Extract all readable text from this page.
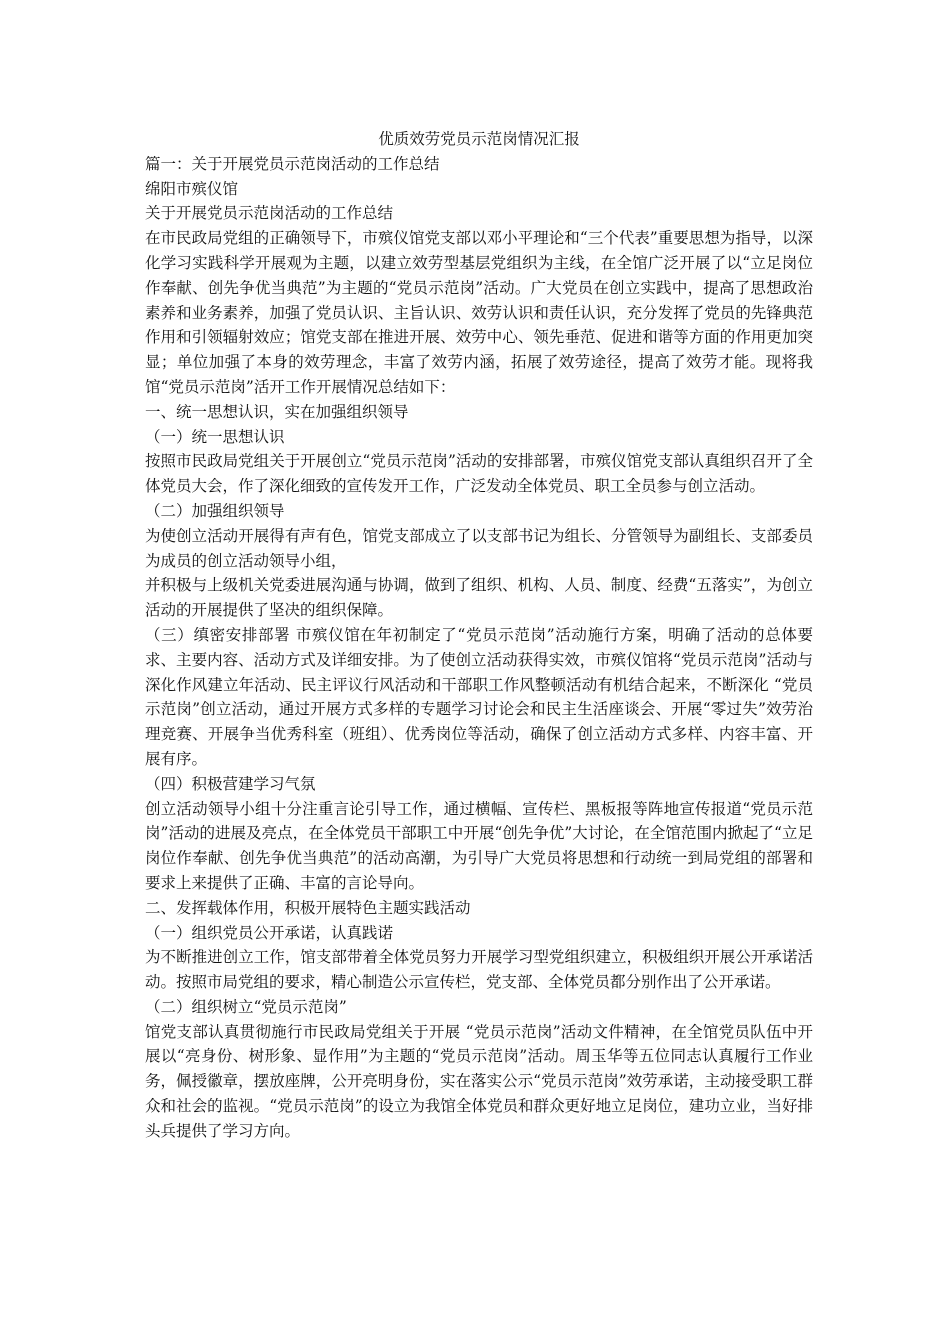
优质效劳党员示范岗情况汇报

篇一：关于开展党员示范岗活动的工作总结

绵阳市殡仪馆

关于开展党员示范岗活动的工作总结

在市民政局党组的正确领导下，市殡仪馆党支部以邓小平理论和“三个代表”重要思想为指导，以深化学习实践科学开展观为主题，以建立效劳型基层党组织为主线，在全馆广泛开展了以“立足岗位作奉献、创先争优当典范”为主题的“党员示范岗”活动。广大党员在创立实践中，提高了思想政治素养和业务素养，加强了党员认识、主旨认识、效劳认识和责任认识，充分发挥了党员的先锋典范作用和引领辐射效应；馆党支部在推进开展、效劳中心、领先垂范、促进和谐等方面的作用更加突显；单位加强了本身的效劳理念，丰富了效劳内涵，拓展了效劳途径，提高了效劳才能。现将我馆“党员示范岗”活开工作开展情况总结如下：

一、统一思想认识，实在加强组织领导

（一）统一思想认识

按照市民政局党组关于开展创立“党员示范岗”活动的安排部署，市殡仪馆党支部认真组织召开了全体党员大会，作了深化细致的宣传发开工作，广泛发动全体党员、职工全员参与创立活动。

（二）加强组织领导

为使创立活动开展得有声有色，馆党支部成立了以支部书记为组长、分管领导为副组长、支部委员为成员的创立活动领导小组，

并积极与上级机关党委进展沟通与协调，做到了组织、机构、人员、制度、经费“五落实”，为创立活动的开展提供了坚决的组织保障。

（三）缜密安排部署 市殡仪馆在年初制定了“党员示范岗”活动施行方案，明确了活动的总体要求、主要内容、活动方式及详细安排。为了使创立活动获得实效，市殡仪馆将“党员示范岗”活动与深化作风建立年活动、民主评议行风活动和干部职工作风整顿活动有机结合起来，不断深化 “党员示范岗”创立活动，通过开展方式多样的专题学习讨论会和民主生活座谈会、开展“零过失”效劳治理竞赛、开展争当优秀科室（班组）、优秀岗位等活动，确保了创立活动方式多样、内容丰富、开展有序。

（四）积极营建学习气氛

创立活动领导小组十分注重言论引导工作，通过横幅、宣传栏、黑板报等阵地宣传报道“党员示范岗”活动的进展及亮点，在全体党员干部职工中开展“创先争优”大讨论，在全馆范围内掀起了“立足岗位作奉献、创先争优当典范”的活动高潮，为引导广大党员将思想和行动统一到局党组的部署和要求上来提供了正确、丰富的言论导向。

二、发挥载体作用，积极开展特色主题实践活动

（一）组织党员公开承诺，认真践诺

为不断推进创立工作，馆支部带着全体党员努力开展学习型党组织建立，积极组织开展公开承诺活动。按照市局党组的要求，精心制造公示宣传栏，党支部、全体党员都分别作出了公开承诺。

（二）组织树立“党员示范岗”

馆党支部认真贯彻施行市民政局党组关于开展 “党员示范岗”活动文件精神，在全馆党员队伍中开展以“亮身份、树形象、显作用”为主题的“党员示范岗”活动。周玉华等五位同志认真履行工作业务，佩授徽章，摆放座牌，公开亮明身份，实在落实公示“党员示范岗”效劳承诺，主动接受职工群众和社会的监视。“党员示范岗”的设立为我馆全体党员和群众更好地立足岗位，建功立业，当好排头兵提供了学习方向。
